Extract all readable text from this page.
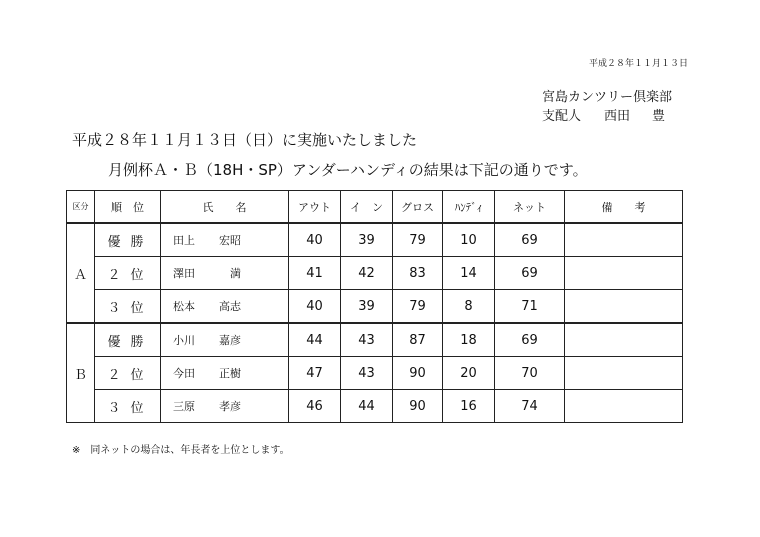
平成２８年１１月１３日
宮島カンツリー倶楽部
支配人 西田 豊
平成２８年１１月１３日（日）に実施いたしました
月例杯Ａ・Ｂ（18H・SP）アンダーハンディの結果は下記の通りです。
区分	順　位	氏　　名	アウト	イ　ン	グロス	ﾊﾝﾃﾞｨ	ネット	備　　考
Ａ	優勝	田上 宏昭	40	39	79	10	69	
	２位	澤田　満	41	42	83	14	69	
	３位	松本 高志	40	39	79	8	71	
Ｂ	優勝	小川 嘉彦	44	43	87	18	69	
	２位	今田 正樹	47	43	90	20	70	
	３位	三原 孝彦	46	44	90	16	74	
※　同ネットの場合は、年長者を上位とします。
